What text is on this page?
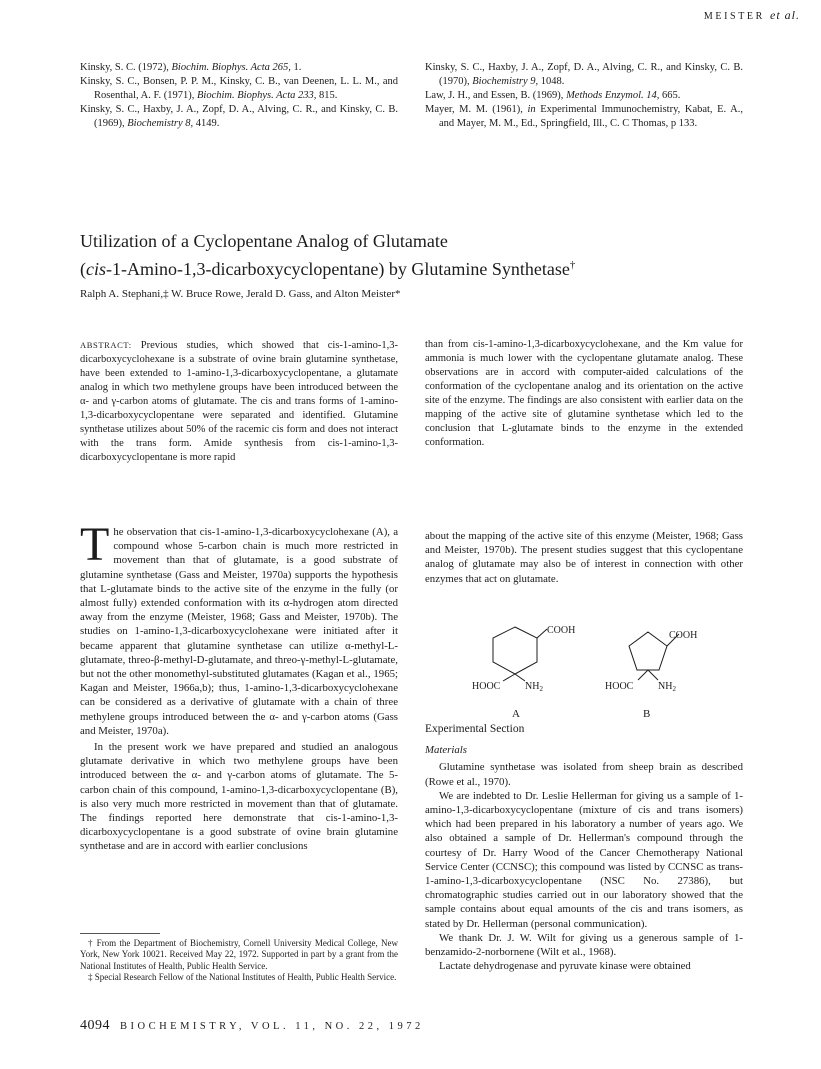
MEISTER et al.

Kinsky, S. C. (1972), Biochim. Biophys. Acta 265, 1.

Kinsky, S. C., Bonsen, P. P. M., Kinsky, C. B., van Deenen, L. L. M., and Rosenthal, A. F. (1971), Biochim. Biophys. Acta 233, 815.

Kinsky, S. C., Haxby, J. A., Zopf, D. A., Alving, C. R., and Kinsky, C. B. (1969), Biochemistry 8, 4149.

Kinsky, S. C., Haxby, J. A., Zopf, D. A., Alving, C. R., and Kinsky, C. B. (1970), Biochemistry 9, 1048.

Law, J. H., and Essen, B. (1969), Methods Enzymol. 14, 665.

Mayer, M. M. (1961), in Experimental Immunochemistry, Kabat, E. A., and Mayer, M. M., Ed., Springfield, Ill., C. C Thomas, p 133.

Utilization of a Cyclopentane Analog of Glutamate
(cis-1-Amino-1,3-dicarboxycyclopentane) by Glutamine Synthetase†
Ralph A. Stephani,‡ W. Bruce Rowe, Jerald D. Gass, and Alton Meister*
ABSTRACT: Previous studies, which showed that cis-1-amino-1,3-dicarboxycyclohexane is a substrate of ovine brain glutamine synthetase, have been extended to 1-amino-1,3-dicarboxycyclopentane, a glutamate analog in which two methylene groups have been introduced between the α- and γ-carbon atoms of glutamate. The cis and trans forms of 1-amino-1,3-dicarboxycyclopentane were separated and identified. Glutamine synthetase utilizes about 50% of the racemic cis form and does not interact with the trans form. Amide synthesis from cis-1-amino-1,3-dicarboxycyclopentane is more rapid
than from cis-1-amino-1,3-dicarboxycyclohexane, and the Km value for ammonia is much lower with the cyclopentane glutamate analog. These observations are in accord with computer-aided calculations of the conformation of the cyclopentane analog and its orientation on the active site of the enzyme. The findings are also consistent with earlier data on the mapping of the active site of glutamine synthetase which led to the conclusion that L-glutamate binds to the enzyme in the extended conformation.

The observation that cis-1-amino-1,3-dicarboxycyclohexane (A), a compound whose 5-carbon chain is much more restricted in movement than that of glutamate, is a good substrate of glutamine synthetase (Gass and Meister, 1970a) supports the hypothesis that L-glutamate binds to the active site of the enzyme in the fully (or almost fully) extended conformation with its α-hydrogen atom directed away from the enzyme (Meister, 1968; Gass and Meister, 1970b). The studies on 1-amino-1,3-dicarboxycyclohexane were initiated after it became apparent that glutamine synthetase can utilize α-methyl-L-glutamate, threo-β-methyl-D-glutamate, and threo-γ-methyl-L-glutamate, but not the other monomethyl-substituted glutamates (Kagan et al., 1965; Kagan and Meister, 1966a,b); thus, 1-amino-1,3-dicarboxycyclohexane can be considered as a derivative of glutamate with a chain of three methylene groups introduced between the α- and γ-carbon atoms (Gass and Meister, 1970a).

In the present work we have prepared and studied an analogous glutamate derivative in which two methylene groups have been introduced between the α- and γ-carbon atoms of glutamate. The 5-carbon chain of this compound, 1-amino-1,3-dicarboxycyclopentane (B), is also very much more restricted in movement than that of glutamate. The findings reported here demonstrate that cis-1-amino-1,3-dicarboxycyclopentane is a good substrate of ovine brain glutamine synthetase and are in accord with earlier conclusions

about the mapping of the active site of this enzyme (Meister, 1968; Gass and Meister, 1970b). The present studies suggest that this cyclopentane analog of glutamate may also be of interest in connection with other enzymes that act on glutamate.

COOH
HOOC $NH_2$
A
COOH
HOOC $NH_2$
B
Experimental Section
Materials

Glutamine synthetase was isolated from sheep brain as described (Rowe et al., 1970).

We are indebted to Dr. Leslie Hellerman for giving us a sample of 1-amino-1,3-dicarboxycyclopentane (mixture of cis and trans isomers) which had been prepared in his laboratory a number of years ago. We also obtained a sample of Dr. Hellerman's compound through the courtesy of Dr. Harry Wood of the Cancer Chemotherapy National Service Center (CCNSC); this compound was listed by CCNSC as trans-1-amino-1,3-dicarboxycyclopentane (NSC No. 27386), but chromatographic studies carried out in our laboratory showed that the sample contains about equal amounts of the cis and trans isomers, as stated by Dr. Hellerman (personal communication).

We thank Dr. J. W. Wilt for giving us a generous sample of 1-benzamido-2-norbornene (Wilt et al., 1968).

Lactate dehydrogenase and pyruvate kinase were obtained

† From the Department of Biochemistry, Cornell University Medical College, New York, New York 10021. Received May 22, 1972. Supported in part by a grant from the National Institutes of Health, Public Health Service.

‡ Special Research Fellow of the National Institutes of Health, Public Health Service.

4094 BIOCHEMISTRY, VOL. 11, NO. 22, 1972
